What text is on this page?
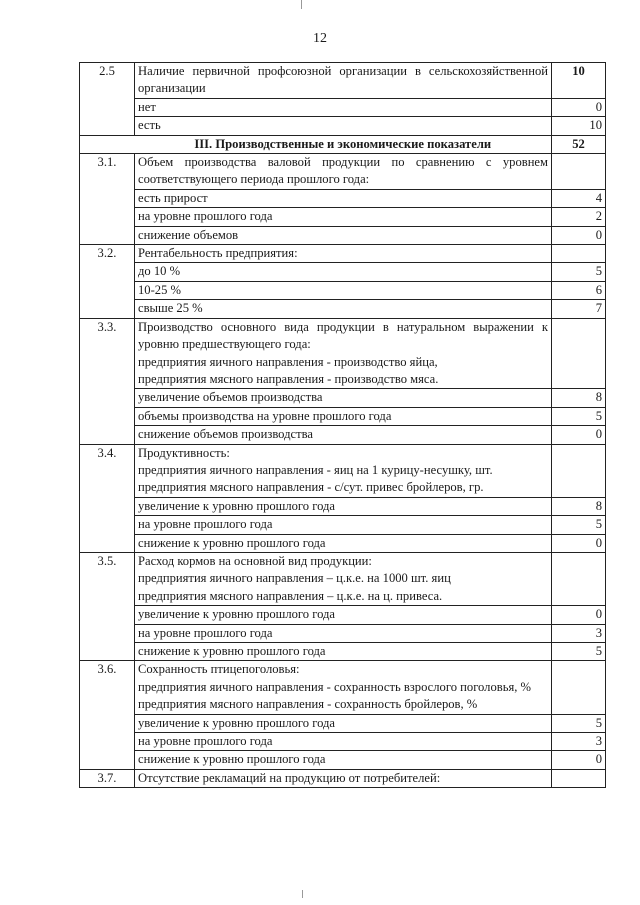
12
2.5	Наличие первичной профсоюзной организации в сельскохозяйственной организации	10
	нет	0
	есть	10
	III. Производственные и экономические показатели	52
3.1.	Объем производства валовой продукции по сравнению с уровнем соответствующего периода прошлого года:	

	есть прирост	4
	на уровне прошлого года	2
	снижение объемов	0
3.2.	Рентабельность предприятия:	

	до 10 %	5
	10-25 %	6
	свыше 25 %	7
3.3.	Производство основного вида продукции в натуральном выражении к уровню предшествующего года:
предприятия яичного направления - производство яйца,
предприятия мясного направления - производство мяса.	

	увеличение объемов производства	8
	объемы производства на уровне прошлого года	5
	снижение объемов производства	0
3.4.	Продуктивность:
предприятия яичного направления - яиц на 1 курицу-несушку, шт.
предприятия мясного направления - с/сут. привес бройлеров, гр.	

	увеличение к уровню прошлого года	8
	на уровне прошлого года	5
	снижение к уровню прошлого года	0
3.5.	Расход кормов на основной вид продукции:
предприятия яичного направления – ц.к.е. на 1000 шт. яиц
предприятия мясного направления – ц.к.е. на ц. привеса.	

	увеличение к уровню прошлого года	0
	на уровне прошлого года	3
	снижение к уровню прошлого года	5
3.6.	Сохранность птицепоголовья:
предприятия яичного направления - сохранность взрослого поголовья, %
предприятия мясного направления - сохранность бройлеров, %	

	увеличение к уровню прошлого года	5
	на уровне прошлого года	3
	снижение к уровню прошлого года	0
3.7.	Отсутствие рекламаций на продукцию от потребителей:	
